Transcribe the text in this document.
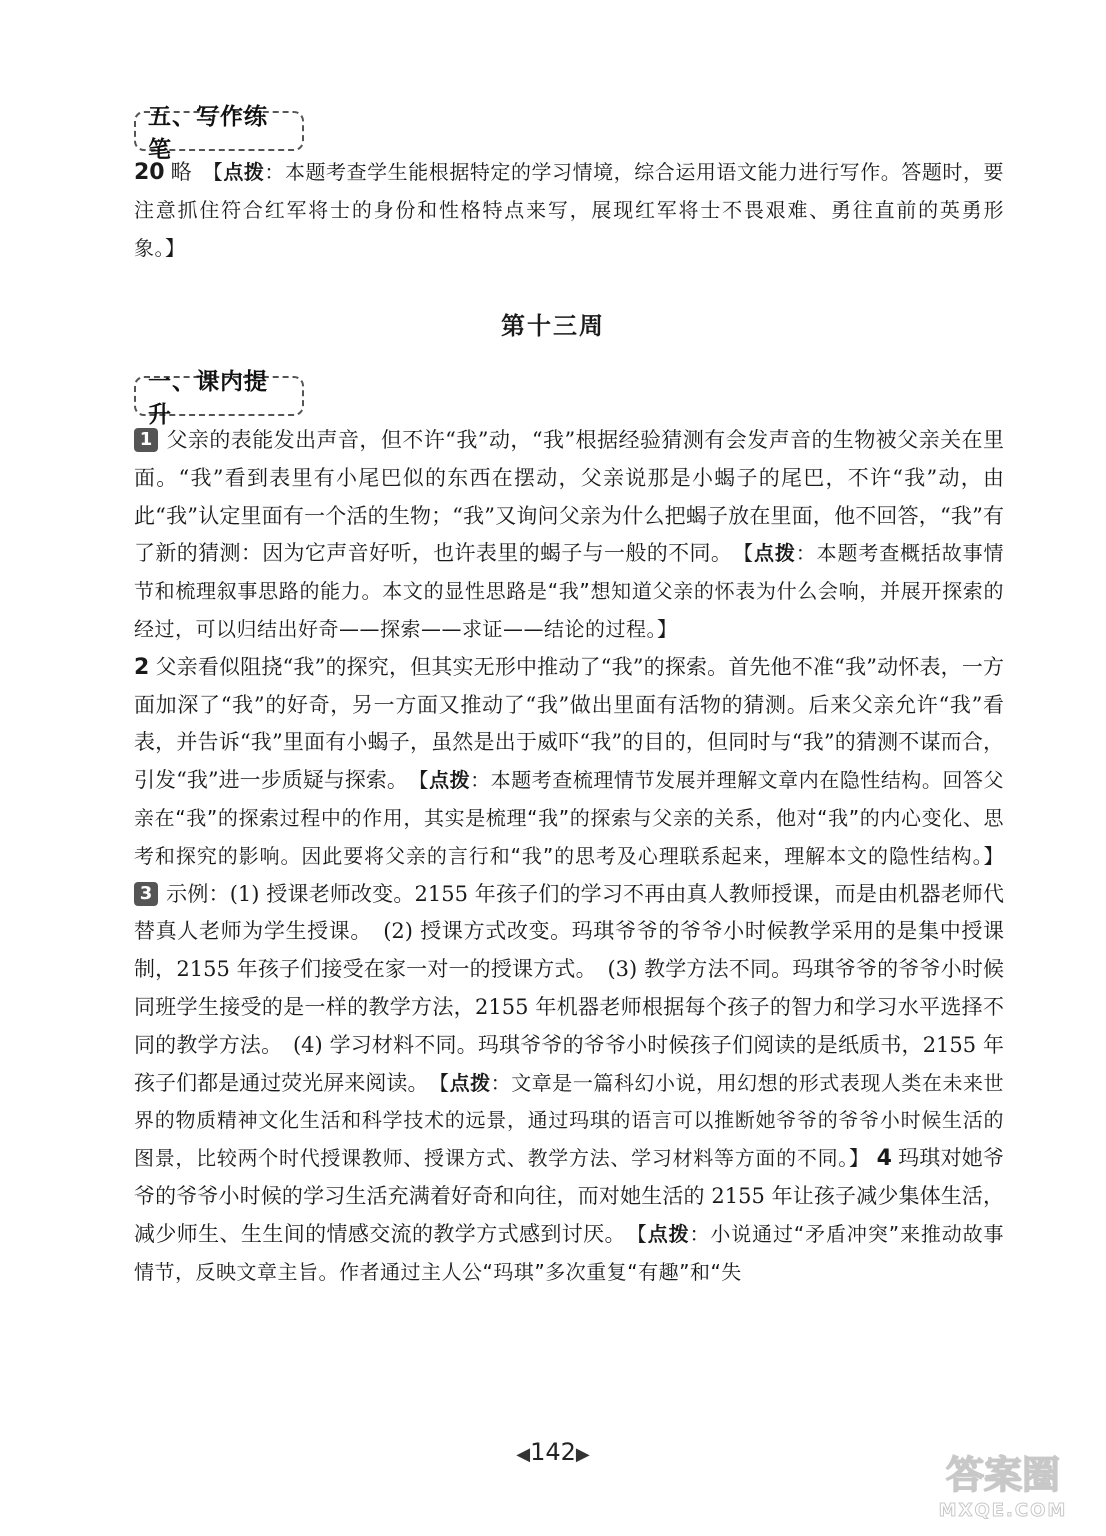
五、写作练笔

20 略　 【点拨：本题考查学生能根据特定的学习情境，综合运用语文能力进行写作。答题时，要注意抓住符合红军将士的身份和性格特点来写，展现红军将士不畏艰难、勇往直前的英勇形象。】

第十三周
一、课内提升

1 父亲的表能发出声音，但不许“我”动，“我”根据经验猜测有会发声音的生物被父亲关在里面。“我”看到表里有小尾巴似的东西在摆动，父亲说那是小蝎子的尾巴，不许“我”动，由此“我”认定里面有一个活的生物；“我”又询问父亲为什么把蝎子放在里面，他不回答，“我”有了新的猜测：因为它声音好听，也许表里的蝎子与一般的不同。　 【点拨：本题考查概括故事情节和梳理叙事思路的能力。本文的显性思路是“我”想知道父亲的怀表为什么会响，并展开探索的经过，可以归结出好奇——探索——求证——结论的过程。】
2 父亲看似阻挠“我”的探究，但其实无形中推动了“我”的探索。首先他不准“我”动怀表，一方面加深了“我”的好奇，另一方面又推动了“我”做出里面有活物的猜测。后来父亲允许“我”看表，并告诉“我”里面有小蝎子，虽然是出于威吓“我”的目的，但同时与“我”的猜测不谋而合，引发“我”进一步质疑与探索。　 【点拨：本题考查梳理情节发展并理解文章内在隐性结构。回答父亲在“我”的探索过程中的作用，其实是梳理“我”的探索与父亲的关系，他对“我”的内心变化、思考和探究的影响。因此要将父亲的言行和“我”的思考及心理联系起来，理解本文的隐性结构。】 3 示例：(1) 授课老师改变。2155 年孩子们的学习不再由真人教师授课，而是由机器老师代替真人老师为学生授课。　(2) 授课方式改变。玛琪爷爷的爷爷小时候教学采用的是集中授课制，2155 年孩子们接受在家一对一的授课方式。　(3) 教学方法不同。玛琪爷爷的爷爷小时候同班学生接受的是一样的教学方法，2155 年机器老师根据每个孩子的智力和学习水平选择不同的教学方法。　(4) 学习材料不同。玛琪爷爷的爷爷小时候孩子们阅读的是纸质书，2155 年孩子们都是通过荧光屏来阅读。　 【点拨：文章是一篇科幻小说，用幻想的形式表现人类在未来世界的物质精神文化生活和科学技术的远景，通过玛琪的语言可以推断她爷爷的爷爷小时候生活的图景，比较两个时代授课教师、授课方式、教学方法、学习材料等方面的不同。】 4 玛琪对她爷爷的爷爷小时候的学习生活充满着好奇和向往，而对她生活的 2155 年让孩子减少集体生活，减少师生、生生间的情感交流的教学方式感到讨厌。　 【点拨：小说通过“矛盾冲突”来推动故事情节，反映文章主旨。作者通过主人公“玛琪”多次重复“有趣”和“失

◀142▶	答案圈
MXQE.COM
